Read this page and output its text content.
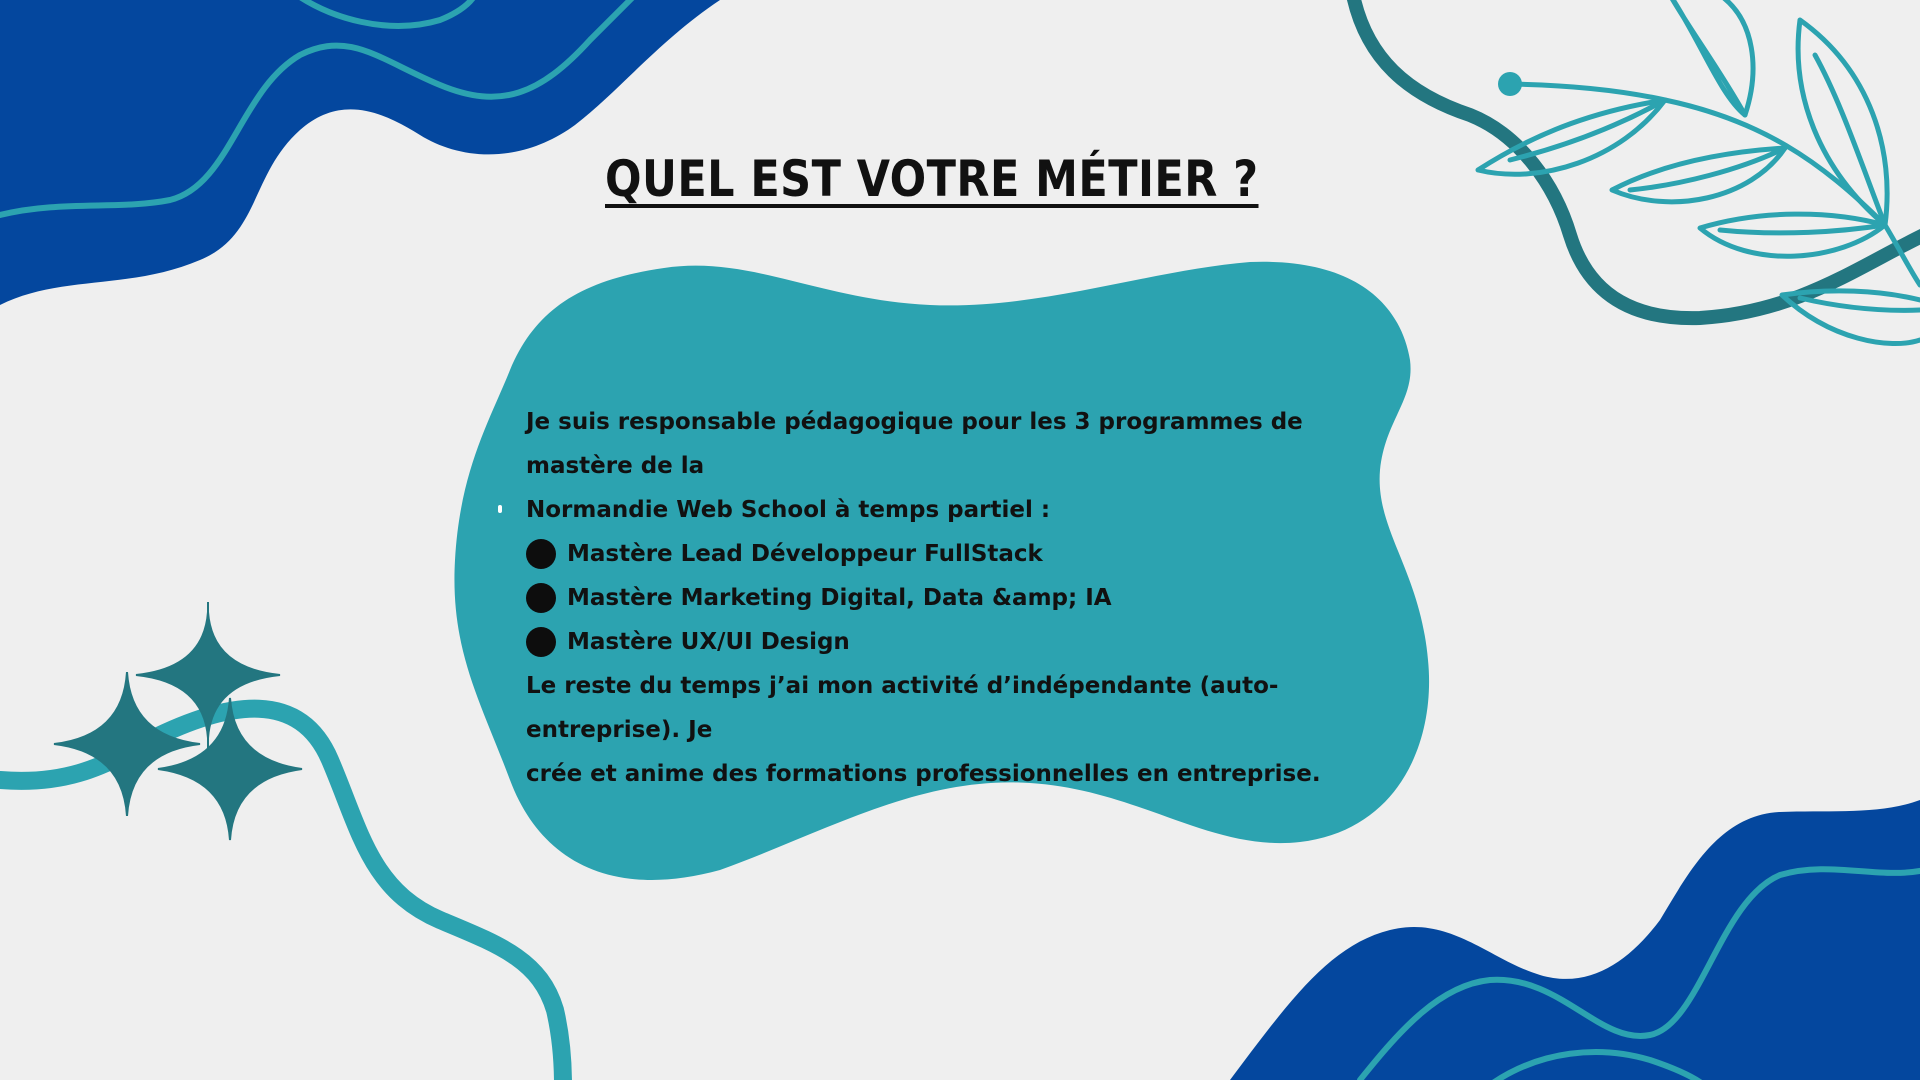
QUEL EST VOTRE MÉTIER ?

Je suis responsable pédagogique pour les 3 programmes de mastère de la

Normandie Web School à temps partiel :

Mastère Lead Développeur FullStack
Mastère Marketing Digital, Data &amp; IA
Mastère UX/UI Design

Le reste du temps j’ai mon activité d’indépendante (auto-entreprise). Je

crée et anime des formations professionnelles en entreprise.
